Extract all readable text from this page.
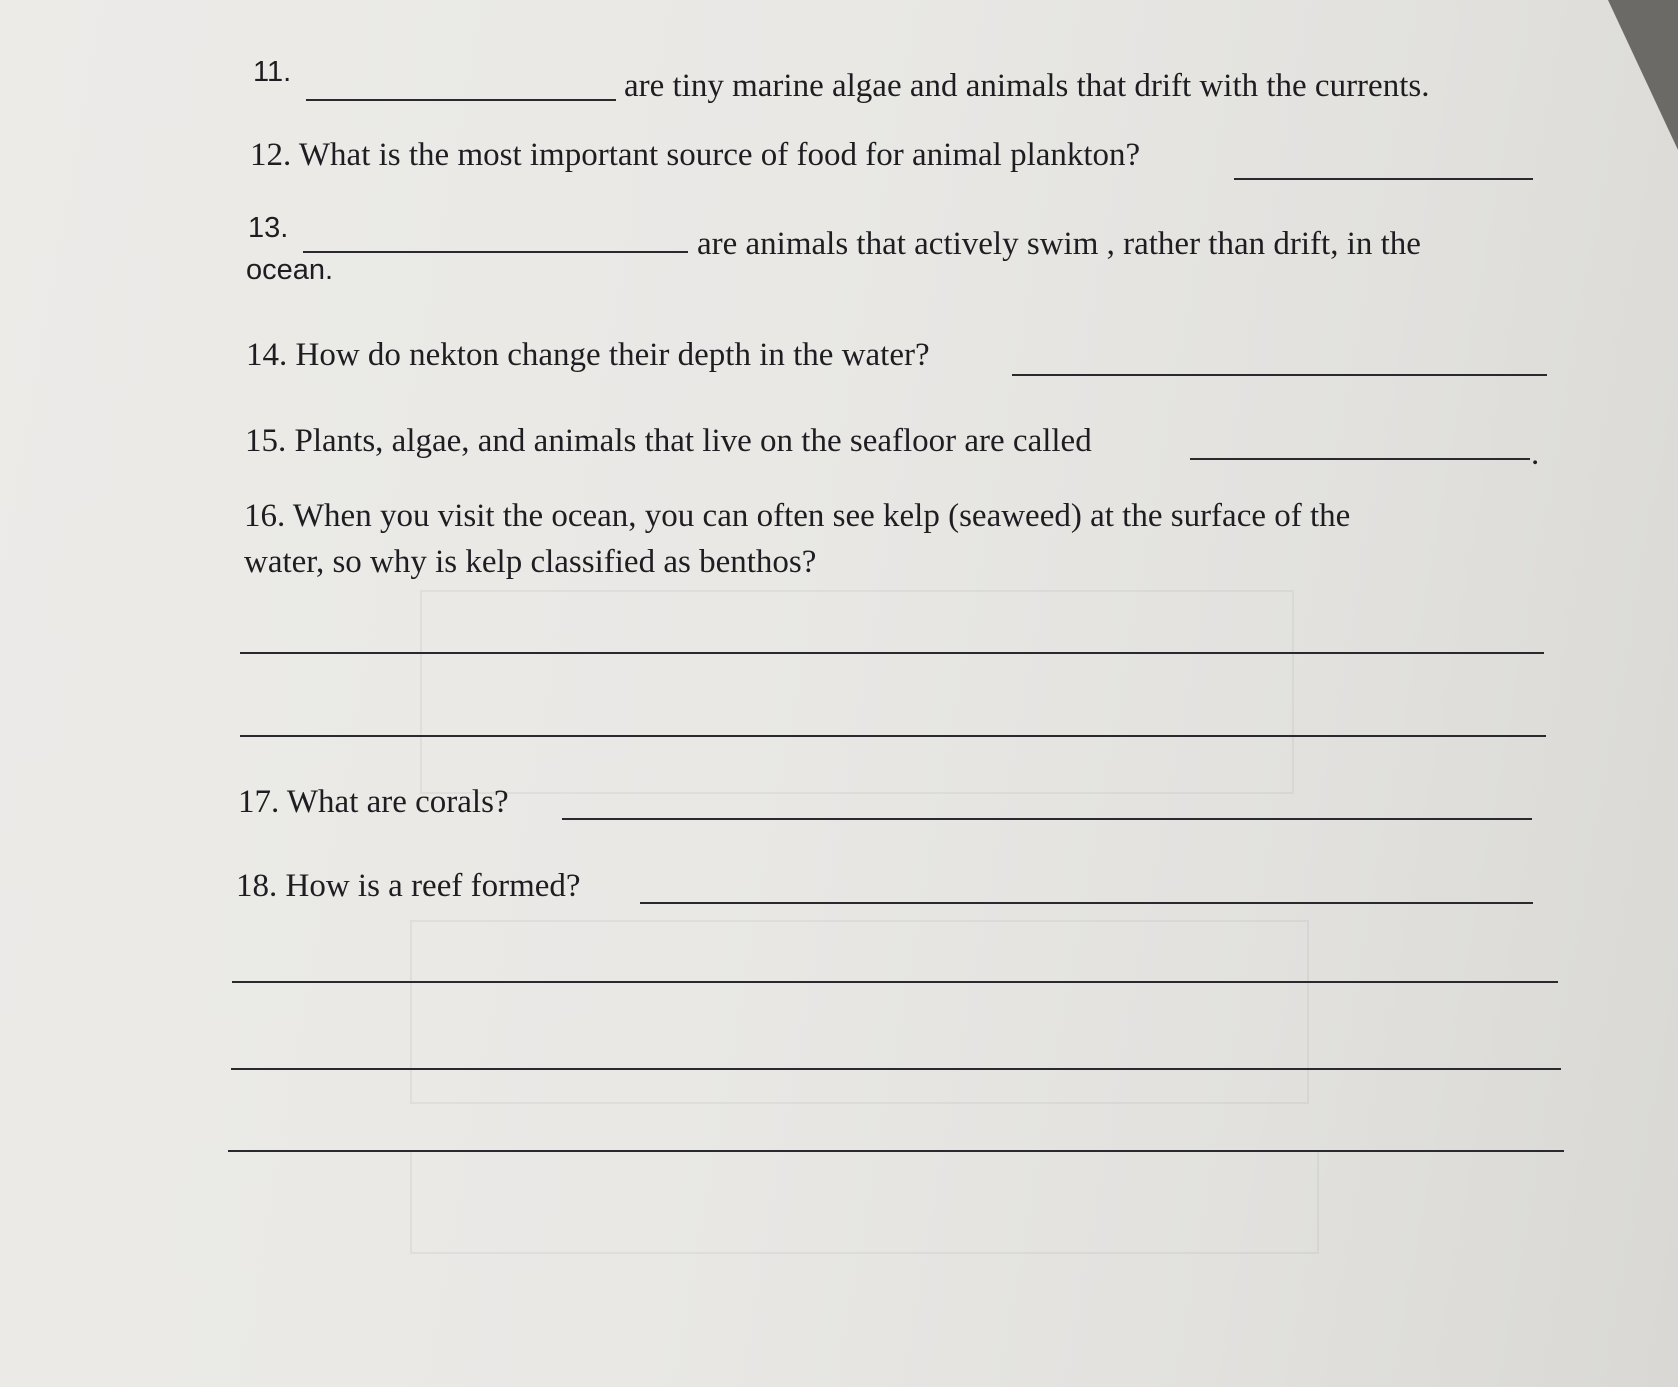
11.	are tiny marine algae and animals that drift with the currents.
12. What is the most important source of food for animal plankton?
13.	are animals that actively swim , rather than drift, in the
ocean.
14. How do nekton change their depth in the water?
15. Plants, algae, and animals that live on the seafloor are called	.
16. When you visit the ocean, you can often see kelp (seaweed) at the surface of the
water, so why is kelp classified as benthos?
17. What are corals?
18. How is a reef formed?
